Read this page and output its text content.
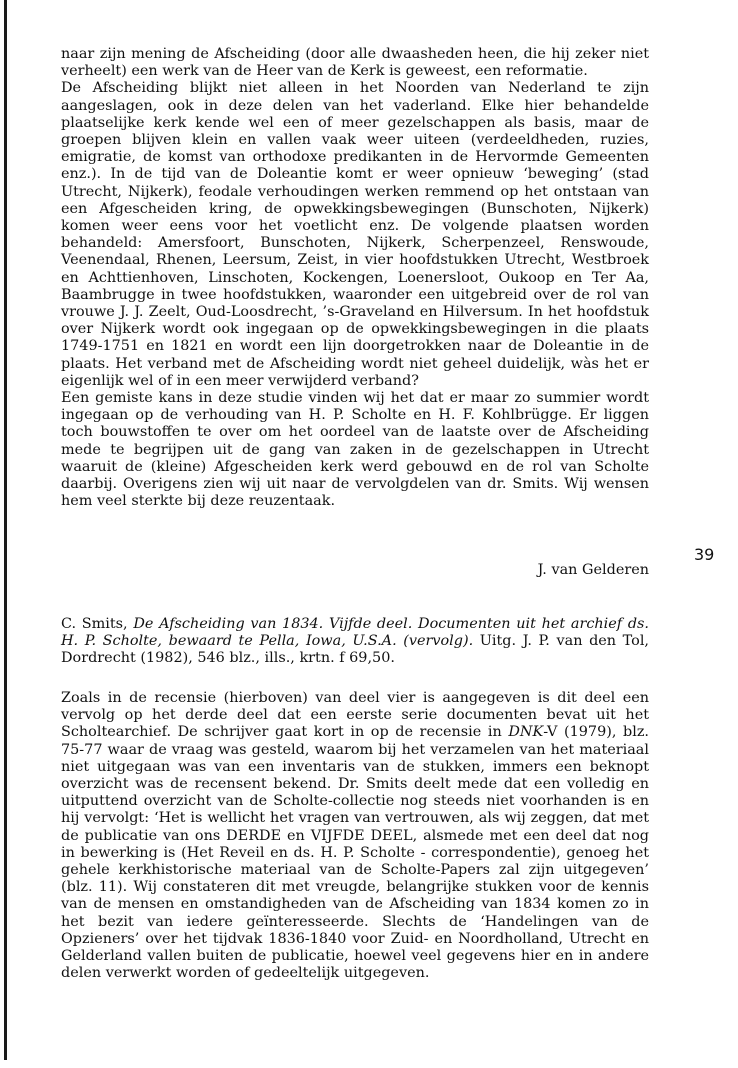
naar zijn mening de Afscheiding (door alle dwaasheden heen, die hij zeker niet verheelt) een werk van de Heer van de Kerk is geweest, een reformatie.

De Afscheiding blijkt niet alleen in het Noorden van Nederland te zijn aangeslagen, ook in deze delen van het vaderland. Elke hier behandelde plaatselijke kerk kende wel een of meer gezelschappen als basis, maar de groepen blijven klein en vallen vaak weer uiteen (verdeeldheden, ruzies, emigratie, de komst van orthodoxe predikanten in de Hervormde Gemeenten enz.). In de tijd van de Doleantie komt er weer opnieuw ‘beweging’ (stad Utrecht, Nijkerk), feodale verhoudingen werken remmend op het ontstaan van een Afgescheiden kring, de opwekkingsbewegingen (Bunschoten, Nijkerk) komen weer eens voor het voetlicht enz. De volgende plaatsen worden behandeld: Amersfoort, Bunschoten, Nijkerk, Scherpenzeel, Renswoude, Veenendaal, Rhenen, Leersum, Zeist, in vier hoofdstukken Utrecht, Westbroek en Achttienhoven, Linschoten, Kockengen, Loenersloot, Oukoop en Ter Aa, Baambrugge in twee hoofdstukken, waaronder een uitgebreid over de rol van vrouwe J. J. Zeelt, Oud-Loosdrecht, ’s-Graveland en Hilversum. In het hoofdstuk over Nijkerk wordt ook ingegaan op de opwekkingsbewegingen in die plaats 1749-1751 en 1821 en wordt een lijn doorgetrokken naar de Doleantie in de plaats. Het verband met de Afscheiding wordt niet geheel duidelijk, wàs het er eigenlijk wel of in een meer verwijderd verband?

Een gemiste kans in deze studie vinden wij het dat er maar zo summier wordt ingegaan op de verhouding van H. P. Scholte en H. F. Kohlbrügge. Er liggen toch bouwstoffen te over om het oordeel van de laatste over de Afscheiding mede te begrijpen uit de gang van zaken in de gezelschappen in Utrecht waaruit de (kleine) Afgescheiden kerk werd gebouwd en de rol van Scholte daarbij. Overigens zien wij uit naar de vervolgdelen van dr. Smits. Wij wensen hem veel sterkte bij deze reuzentaak.

J. van Gelderen
39

C. Smits, De Afscheiding van 1834. Vijfde deel. Documenten uit het archief ds. H. P. Scholte, bewaard te Pella, Iowa, U.S.A. (vervolg). Uitg. J. P. van den Tol, Dordrecht (1982), 546 blz., ills., krtn. f 69,50.

Zoals in de recensie (hierboven) van deel vier is aangegeven is dit deel een vervolg op het derde deel dat een eerste serie documenten bevat uit het Scholtearchief. De schrijver gaat kort in op de recensie in DNK-V (1979), blz. 75-77 waar de vraag was gesteld, waarom bij het verzamelen van het materiaal niet uitgegaan was van een inventaris van de stukken, immers een beknopt overzicht was de recensent bekend. Dr. Smits deelt mede dat een volledig en uitputtend overzicht van de Scholte-collectie nog steeds niet voorhanden is en hij vervolgt: ‘Het is wellicht het vragen van vertrouwen, als wij zeggen, dat met de publicatie van ons DERDE en VIJFDE DEEL, alsmede met een deel dat nog in bewerking is (Het Reveil en ds. H. P. Scholte - correspondentie), genoeg het gehele kerkhistorische materiaal van de Scholte-Papers zal zijn uitgegeven’ (blz. 11). Wij constateren dit met vreugde, belangrijke stukken voor de kennis van de mensen en omstandigheden van de Afscheiding van 1834 komen zo in het bezit van iedere geïnteresseerde. Slechts de ‘Handelingen van de Opzieners’ over het tijdvak 1836-1840 voor Zuid- en Noordholland, Utrecht en Gelderland vallen buiten de publicatie, hoewel veel gegevens hier en in andere delen verwerkt worden of gedeeltelijk uitgegeven.
